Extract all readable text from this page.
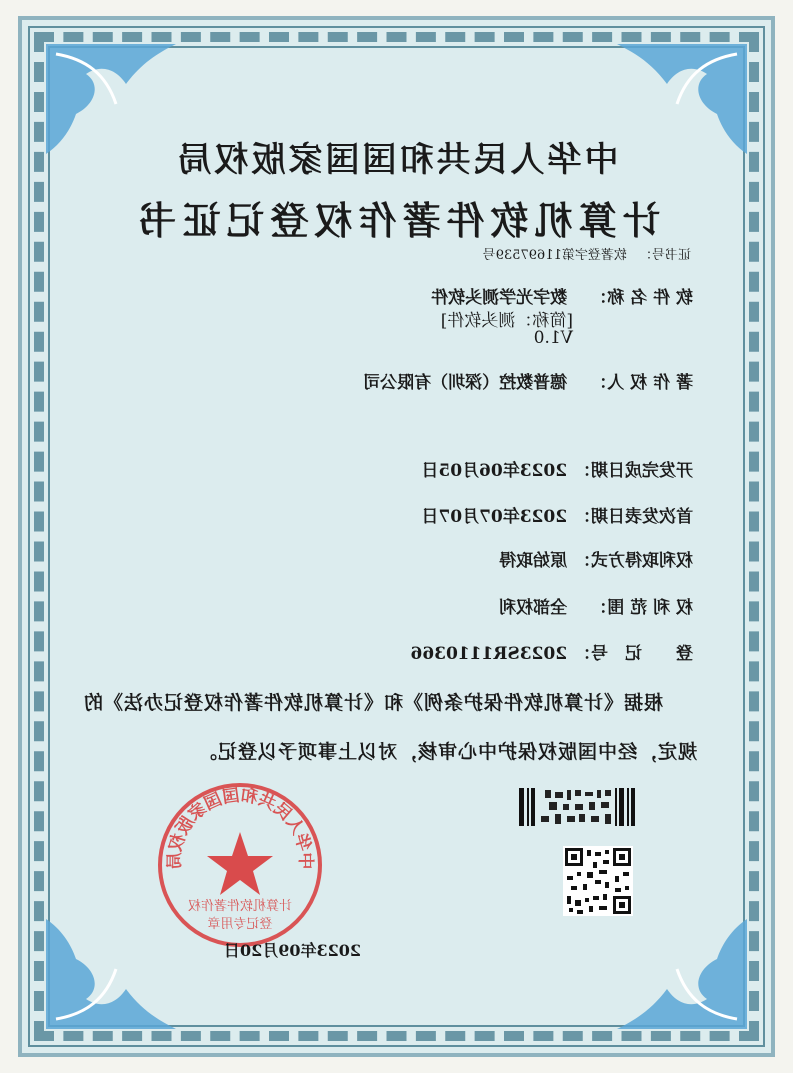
中华人民共和国国家版权局
计算机软件著作权登记证书
证书号： 软著登字第11697539号
软 件 名 称： 数字光学测头软件
[简称：测头软件]
V1.0
著 作 权 人： 德普数控（深圳）有限公司
开发完成日期： 2023年06月05日
首次发表日期： 2023年07月07日
权利取得方式： 原始取得
权 利 范 围： 全部权利
登　　记　号： 2023SR1110366
根据《计算机软件保护条例》和《计算机软件著作权登记办法》的
规定，经中国版权保护中心审核，对以上事项予以登记。
中华人民共和国国家版权局
计算机软件著作权
登记专用章
2023年09月20日
